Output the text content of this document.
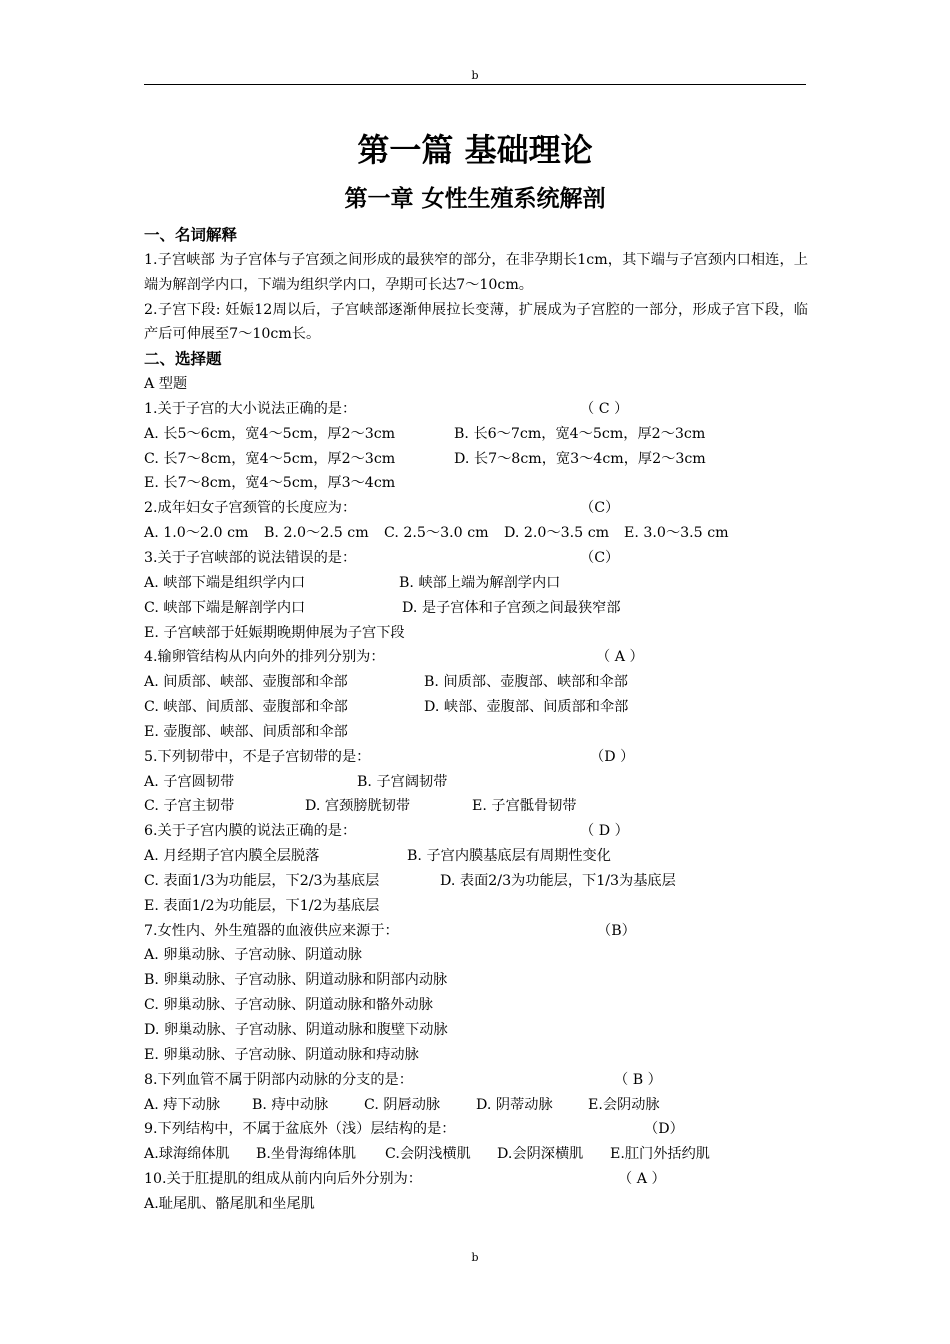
b
第一篇 基础理论
第一章 女性生殖系统解剖
一、名词解释
1.子宫峡部 为子宫体与子宫颈之间形成的最狭窄的部分，在非孕期长1cm，其下端与子宫颈内口相连，上端为解剖学内口，下端为组织学内口，孕期可长达7～10cm。
2.子宫下段: 妊娠12周以后，子宫峡部逐渐伸展拉长变薄，扩展成为子宫腔的一部分，形成子宫下段，临产后可伸展至7～10cm长。
二、选择题
A 型题
1.关于子宫的大小说法正确的是：	（ C ）
A. 长5～6cm，宽4～5cm，厚2～3cm	B. 长6～7cm，宽4～5cm，厚2～3cm
C. 长7～8cm，宽4～5cm，厚2～3cm	D. 长7～8cm，宽3～4cm，厚2～3cm
E. 长7～8cm，宽4～5cm，厚3～4cm
2.成年妇女子宫颈管的长度应为：	（C）
A. 1.0～2.0 cm B. 2.0～2.5 cm C. 2.5～3.0 cm D. 2.0～3.5 cm E. 3.0～3.5 cm
3.关于子宫峡部的说法错误的是：	（C）
A. 峡部下端是组织学内口	B. 峡部上端为解剖学内口
C. 峡部下端是解剖学内口	D. 是子宫体和子宫颈之间最狭窄部
E. 子宫峡部于妊娠期晚期伸展为子宫下段
4.输卵管结构从内向外的排列分别为：	（ A ）
A. 间质部、峡部、壶腹部和伞部	B. 间质部、壶腹部、峡部和伞部
C. 峡部、间质部、壶腹部和伞部	D. 峡部、壶腹部、间质部和伞部
E. 壶腹部、峡部、间质部和伞部
5.下列韧带中，不是子宫韧带的是：	（D ）
A. 子宫圆韧带	B. 子宫阔韧带
C. 子宫主韧带	D. 宫颈膀胱韧带	E. 子宫骶骨韧带
6.关于子宫内膜的说法正确的是：	（ D ）
A. 月经期子宫内膜全层脱落	B. 子宫内膜基底层有周期性变化
C. 表面1/3为功能层，下2/3为基底层	D. 表面2/3为功能层，下1/3为基底层
E. 表面1/2为功能层，下1/2为基底层
7.女性内、外生殖器的血液供应来源于：	（B）
A. 卵巢动脉、子宫动脉、阴道动脉
B. 卵巢动脉、子宫动脉、阴道动脉和阴部内动脉
C. 卵巢动脉、子宫动脉、阴道动脉和骼外动脉
D. 卵巢动脉、子宫动脉、阴道动脉和腹壁下动脉
E. 卵巢动脉、子宫动脉、阴道动脉和痔动脉
8.下列血管不属于阴部内动脉的分支的是：	（ B ）
A. 痔下动脉 B. 痔中动脉	C. 阴唇动脉	D. 阴蒂动脉 E.会阴动脉
9.下列结构中，不属于盆底外（浅）层结构的是：	（D）
A.球海绵体肌 B.坐骨海绵体肌 C.会阴浅横肌 D.会阴深横肌 E.肛门外括约肌
10.关于肛提肌的组成从前内向后外分别为：	（ A ）
A.耻尾肌、骼尾肌和坐尾肌
b
